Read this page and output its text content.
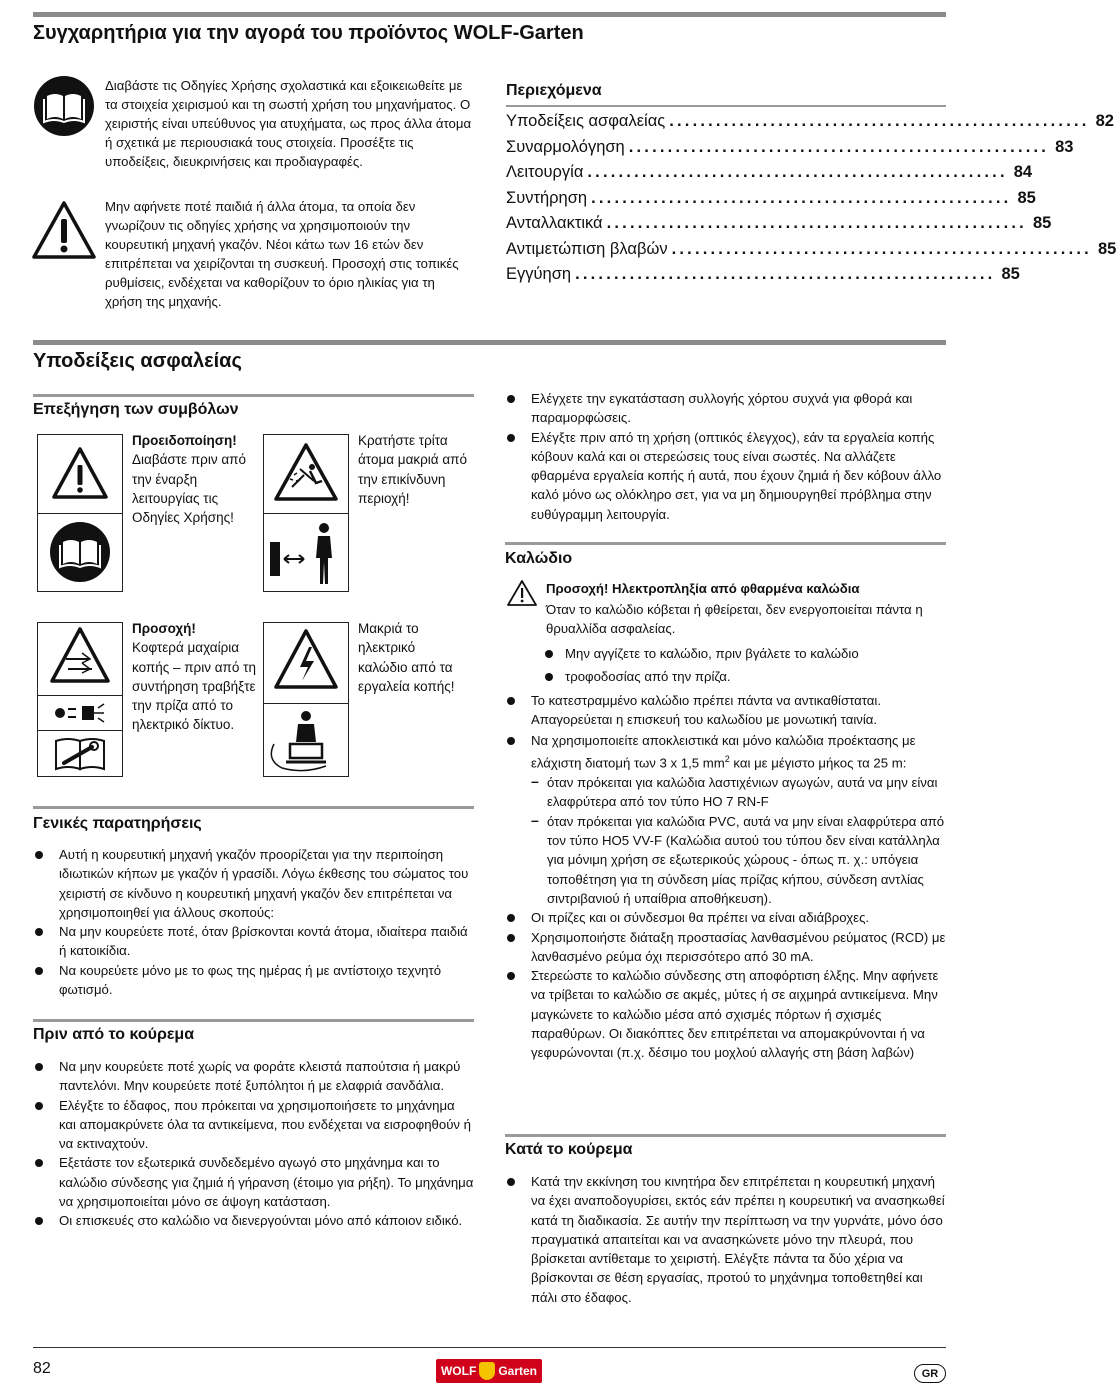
Συγχαρητήρια για την αγορά του προϊόντος WOLF-Garten
Διαβάστε τις Οδηγίες Χρήσης σχολαστικά και εξοικειωθείτε με τα στοιχεία χειρισμού και τη σωστή χρήση του μηχανήματος. Ο χειριστής είναι υπεύθυνος για ατυχήματα, ως προς άλλα άτομα ή σχετικά με περιουσιακά τους στοιχεία. Προσέξτε τις υποδείξεις, διευκρινήσεις και προδιαγραφές.
Μην αφήνετε ποτέ παιδιά ή άλλα άτομα, τα οποία δεν γνωρίζουν τις οδηγίες χρήσης να χρησιμοποιούν την κουρευτική μηχανή γκαζόν. Νέοι κάτω των 16 ετών δεν επιτρέπεται να χειρίζονται τη συσκευή. Προσοχή στις τοπικές ρυθμίσεις, ενδέχεται να καθορίζουν το όριο ηλικίας για τη χρήση της μηχανής.
Περιεχόμενα
Υποδείξεις ασφαλείας ...................................................... 82
Συναρμολόγηση ...................................................... 83
Λειτουργία ...................................................... 84
Συντήρηση ...................................................... 85
Ανταλλακτικά ...................................................... 85
Αντιμετώπιση βλαβών ...................................................... 85
Εγγύηση ...................................................... 85
Υποδείξεις ασφαλείας
Επεξήγηση των συμβόλων
Προειδοποίηση!
Διαβάστε πριν από την έναρξη λειτουργίας τις Οδηγίες Χρήσης!
Κρατήστε τρίτα άτομα μακριά από την επικίνδυνη περιοχή!
Προσοχή!
Κοφτερά μαχαίρια κοπής – πριν από τη συντήρηση τραβήξτε την πρίζα από το ηλεκτρικό δίκτυο.
Μακριά το ηλεκτρικό καλώδιο από τα εργαλεία κοπής!
Γενικές παρατηρήσεις
Αυτή η κουρευτική μηχανή γκαζόν προορίζεται για την περιποίηση ιδιωτικών κήπων με γκαζόν ή γρασίδι. Λόγω έκθεσης του σώματος του χειριστή σε κίνδυνο η κουρευτική μηχανή γκαζόν δεν επιτρέπεται να χρησιμοποιηθεί για άλλους σκοπούς:
Να μην κουρεύετε ποτέ, όταν βρίσκονται κοντά άτομα, ιδιαίτερα παιδιά ή κατοικίδια.
Να κουρεύετε μόνο με το φως της ημέρας ή με αντίστοιχο τεχνητό φωτισμό.
Πριν από το κούρεμα
Να μην κουρεύετε ποτέ χωρίς να φοράτε κλειστά παπούτσια ή μακρύ παντελόνι. Μην κουρεύετε ποτέ ξυπόλητοι ή με ελαφριά σανδάλια.
Ελέγξτε το έδαφος, που πρόκειται να χρησιμοποιήσετε το μηχάνημα και απομακρύνετε όλα τα αντικείμενα, που ενδέχεται να εισροφηθούν ή να εκτιναχτούν.
Εξετάστε τον εξωτερικά συνδεδεμένο αγωγό στο μηχάνημα και το καλώδιο σύνδεσης για ζημιά ή γήρανση (έτοιμο για ρήξη). Το μηχάνημα να χρησιμοποιείται μόνο σε άψογη κατάσταση.
Οι επισκευές στο καλώδιο να διενεργούνται μόνο από κάποιον ειδικό.
Ελέγχετε την εγκατάσταση συλλογής χόρτου συχνά για φθορά και παραμορφώσεις.
Ελέγξτε πριν από τη χρήση (οπτικός έλεγχος), εάν τα εργαλεία κοπής κόβουν καλά και οι στερεώσεις τους είναι σωστές. Να αλλάζετε φθαρμένα εργαλεία κοπής ή αυτά, που έχουν ζημιά ή δεν κόβουν άλλο καλό μόνο ως ολόκληρο σετ, για να μη δημιουργηθεί πρόβλημα στην ευθύγραμμη λειτουργία.
Καλώδιο
Προσοχή! Ηλεκτροπληξία από φθαρμένα καλώδια
Όταν το καλώδιο κόβεται ή φθείρεται, δεν ενεργοποιείται πάντα η θρυαλλίδα ασφαλείας.
Μην αγγίζετε το καλώδιο, πριν βγάλετε το καλώδιο
τροφοδοσίας από την πρίζα.
Το κατεστραμμένο καλώδιο πρέπει πάντα να αντικαθίσταται. Απαγορεύεται η επισκευή του καλωδίου με μονωτική ταινία.
Να χρησιμοποιείτε αποκλειστικά και μόνο καλώδια προέκτασης με ελάχιστη διατομή των 3 x 1,5 $mm^2$ και με μέγιστο μήκος τα 25 m:
– όταν πρόκειται για καλώδια λαστιχένιων αγωγών, αυτά να μην είναι ελαφρύτερα από τον τύπο HO 7 RN-F
– όταν πρόκειται για καλώδια PVC, αυτά να μην είναι ελαφρύτερα από τον τύπο HO5 VV-F (Καλώδια αυτού του τύπου δεν είναι κατάλληλα για μόνιμη χρήση σε εξωτερικούς χώρους - όπως π. χ.: υπόγεια τοποθέτηση για τη σύνδεση μίας πρίζας κήπου, σύνδεση αντλίας σιντριβανιού ή υπαίθρια αποθήκευση).
Οι πρίζες και οι σύνδεσμοι θα πρέπει να είναι αδιάβροχες.
Χρησιμοποιήστε διάταξη προστασίας λανθασμένου ρεύματος (RCD) με λανθασμένο ρεύμα όχι περισσότερο από 30 mA.
Στερεώστε το καλώδιο σύνδεσης στη αποφόρτιση έλξης. Μην αφήνετε να τρίβεται το καλώδιο σε ακμές, μύτες ή σε αιχμηρά αντικείμενα. Μην μαγκώνετε το καλώδιο μέσα από σχισμές πόρτων ή σχισμές παραθύρων. Οι διακόπτες δεν επιτρέπεται να απομακρύνονται ή να γεφυρώνονται (π.χ. δέσιμο του μοχλού αλλαγής στη βάση λαβών)
Κατά το κούρεμα
Κατά την εκκίνηση του κινητήρα δεν επιτρέπεται η κουρευτική μηχανή να έχει αναποδογυρίσει, εκτός εάν πρέπει η κουρευτική να ανασηκωθεί κατά τη διαδικασία. Σε αυτήν την περίπτωση να την γυρνάτε, μόνο όσο πραγματικά απαιτείται και να ανασηκώνετε μόνο την πλευρά, που βρίσκεται αντίθεταμε το χειριστή. Ελέγξτε πάντα τα δύο χέρια να βρίσκονται σε θέση εργασίας, προτού το μηχάνημα τοποθετηθεί και πάλι στο έδαφος.
82	WOLF Garten	GR
